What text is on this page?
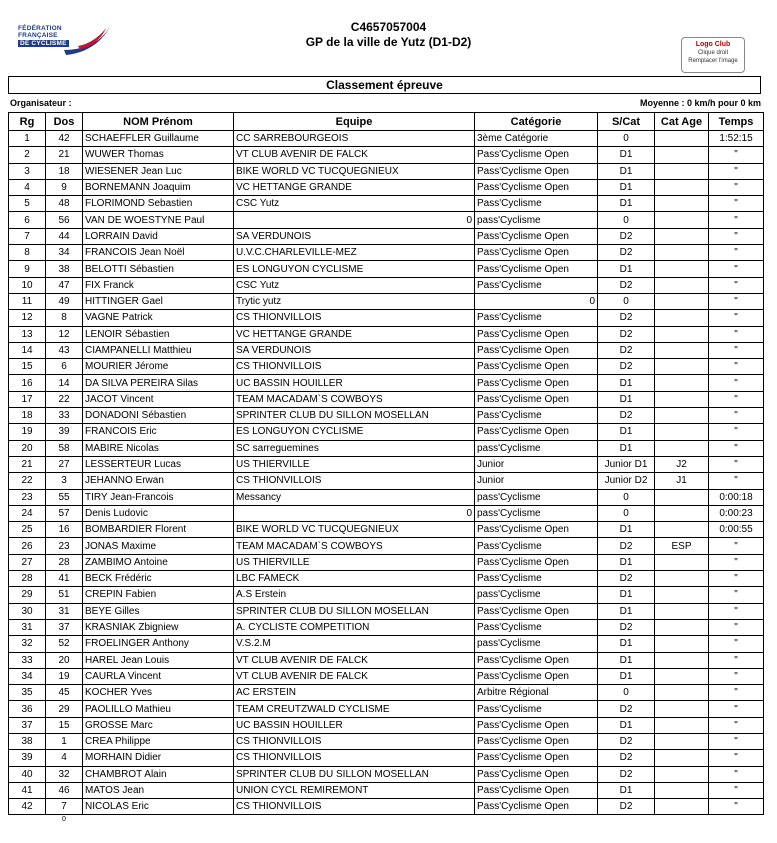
FÉDÉRATION
FRANÇAISE
DE CYCLISME
C4657057004
GP de la ville de Yutz (D1-D2)	Logo Club
Clique droit
Remplacer l'image
Classement épreuve
Organisateur :	Moyenne : 0 km/h pour 0 km
Rg	Dos	NOM Prénom	Equipe	Catégorie	S/Cat	Cat Age	Temps
1	42	SCHAEFFLER Guillaume	CC SARREBOURGEOIS	3ème Catégorie	0		1:52:15
2	21	WUWER Thomas	VT CLUB AVENIR DE FALCK	Pass'Cyclisme Open	D1		"
3	18	WIESENER Jean Luc	BIKE WORLD VC TUCQUEGNIEUX	Pass'Cyclisme Open	D1		"
4	9	BORNEMANN Joaquim	VC HETTANGE GRANDE	Pass'Cyclisme Open	D1		"
5	48	FLORIMOND Sebastien	CSC Yutz	Pass'Cyclisme	D1		"
6	56	VAN DE WOESTYNE Paul	0	pass'Cyclisme	0		"
7	44	LORRAIN David	SA VERDUNOIS	Pass'Cyclisme Open	D2		"
8	34	FRANCOIS Jean Noël	U.V.C.CHARLEVILLE-MEZ	Pass'Cyclisme Open	D2		"
9	38	BELOTTI Sébastien	ES LONGUYON CYCLISME	Pass'Cyclisme Open	D1		"
10	47	FIX Franck	CSC Yutz	Pass'Cyclisme	D2		"
11	49	HITTINGER Gael	Trytic yutz	0	0		"
12	8	VAGNE Patrick	CS THIONVILLOIS	Pass'Cyclisme	D2		"
13	12	LENOIR Sébastien	VC HETTANGE GRANDE	Pass'Cyclisme Open	D2		"
14	43	CIAMPANELLI Matthieu	SA VERDUNOIS	Pass'Cyclisme Open	D2		"
15	6	MOURIER Jérome	CS THIONVILLOIS	Pass'Cyclisme Open	D2		"
16	14	DA SILVA PEREIRA Silas	UC BASSIN HOUILLER	Pass'Cyclisme Open	D1		"
17	22	JACOT Vincent	TEAM MACADAM`S COWBOYS	Pass'Cyclisme Open	D1		"
18	33	DONADONI Sébastien	SPRINTER CLUB DU SILLON MOSELLAN	Pass'Cyclisme	D2		"
19	39	FRANCOIS Eric	ES LONGUYON CYCLISME	Pass'Cyclisme Open	D1		"
20	58	MABIRE Nicolas	SC sarreguemines	pass'Cyclisme	D1		"
21	27	LESSERTEUR Lucas	US THIERVILLE	Junior	Junior D1	J2	"
22	3	JEHANNO Erwan	CS THIONVILLOIS	Junior	Junior D2	J1	"
23	55	TIRY Jean-Francois	Messancy	pass'Cyclisme	0		0:00:18
24	57	Denis Ludovic	0	pass'Cyclisme	0		0:00:23
25	16	BOMBARDIER Florent	BIKE WORLD VC TUCQUEGNIEUX	Pass'Cyclisme Open	D1		0:00:55
26	23	JONAS Maxime	TEAM MACADAM`S COWBOYS	Pass'Cyclisme	D2	ESP	"
27	28	ZAMBIMO Antoine	US THIERVILLE	Pass'Cyclisme Open	D1		"
28	41	BECK Frédéric	LBC FAMECK	Pass'Cyclisme	D2		"
29	51	CREPIN Fabien	A.S Erstein	pass'Cyclisme	D1		"
30	31	BEYE Gilles	SPRINTER CLUB DU SILLON MOSELLAN	Pass'Cyclisme Open	D1		"
31	37	KRASNIAK Zbigniew	A. CYCLISTE COMPETITION	Pass'Cyclisme	D2		"
32	52	FROELINGER Anthony	V.S.2.M	pass'Cyclisme	D1		"
33	20	HAREL Jean Louis	VT CLUB AVENIR DE FALCK	Pass'Cyclisme Open	D1		"
34	19	CAURLA Vincent	VT CLUB AVENIR DE FALCK	Pass'Cyclisme Open	D1		"
35	45	KOCHER Yves	AC ERSTEIN	Arbitre Régional	0		"
36	29	PAOLILLO Mathieu	TEAM CREUTZWALD CYCLISME	Pass'Cyclisme	D2		"
37	15	GROSSE Marc	UC BASSIN HOUILLER	Pass'Cyclisme Open	D1		"
38	1	CREA Philippe	CS THIONVILLOIS	Pass'Cyclisme Open	D2		"
39	4	MORHAIN Didier	CS THIONVILLOIS	Pass'Cyclisme Open	D2		"
40	32	CHAMBROT Alain	SPRINTER CLUB DU SILLON MOSELLAN	Pass'Cyclisme Open	D2		"
41	46	MATOS Jean	UNION CYCL REMIREMONT	Pass'Cyclisme Open	D1		"
42	7	NICOLAS Eric	CS THIONVILLOIS	Pass'Cyclisme Open	D2		"
0
